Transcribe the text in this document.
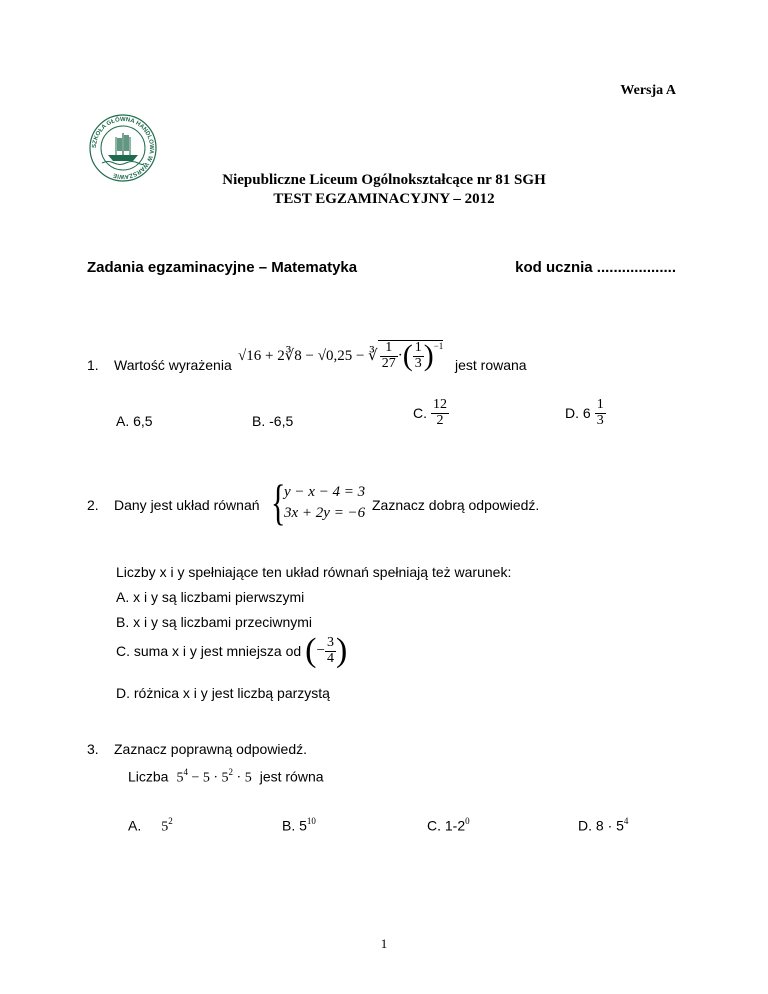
Wersja A
SZKOŁA GŁÓWNA HANDLOWA W WARSZAWIE	Niepubliczne Liceum Ogólnokształcące nr 81 SGH
TEST EGZAMINACYJNY – 2012
Zadania egzaminacyjne – Matematyka	kod ucznia ...................
1. Wartość wyrażenia
√16 + 2∛8 − √0,25 − ∛ $\frac{1}{27}$ ·( $\frac{1}{3} )^{-1}$
jest rowana
A. 6,5	B. -6,5	C. $\frac{12}{2}$	D. $6 \frac{1}{3}$
2. Dany jest układ równań {
y − x − 4 = 3
3x + 2y = −6 Zaznacz dobrą odpowiedź.
Liczby x i y spełniające ten układ równań spełniają też warunek:
A. x i y są liczbami pierwszymi
B. x i y są liczbami przeciwnymi
C. suma x i y jest mniejsza od (− $\frac{3}{4}$ )
D. różnica x i y jest liczbą parzystą
3. Zaznacz poprawną odpowiedź.
Liczba $5^4 - 5 \cdot 5^2 \cdot 5$ jest równa
A. $5^2$	B. $5^{10}$	C. $1-2^0$	D. $8 \cdot 5^4$
1
